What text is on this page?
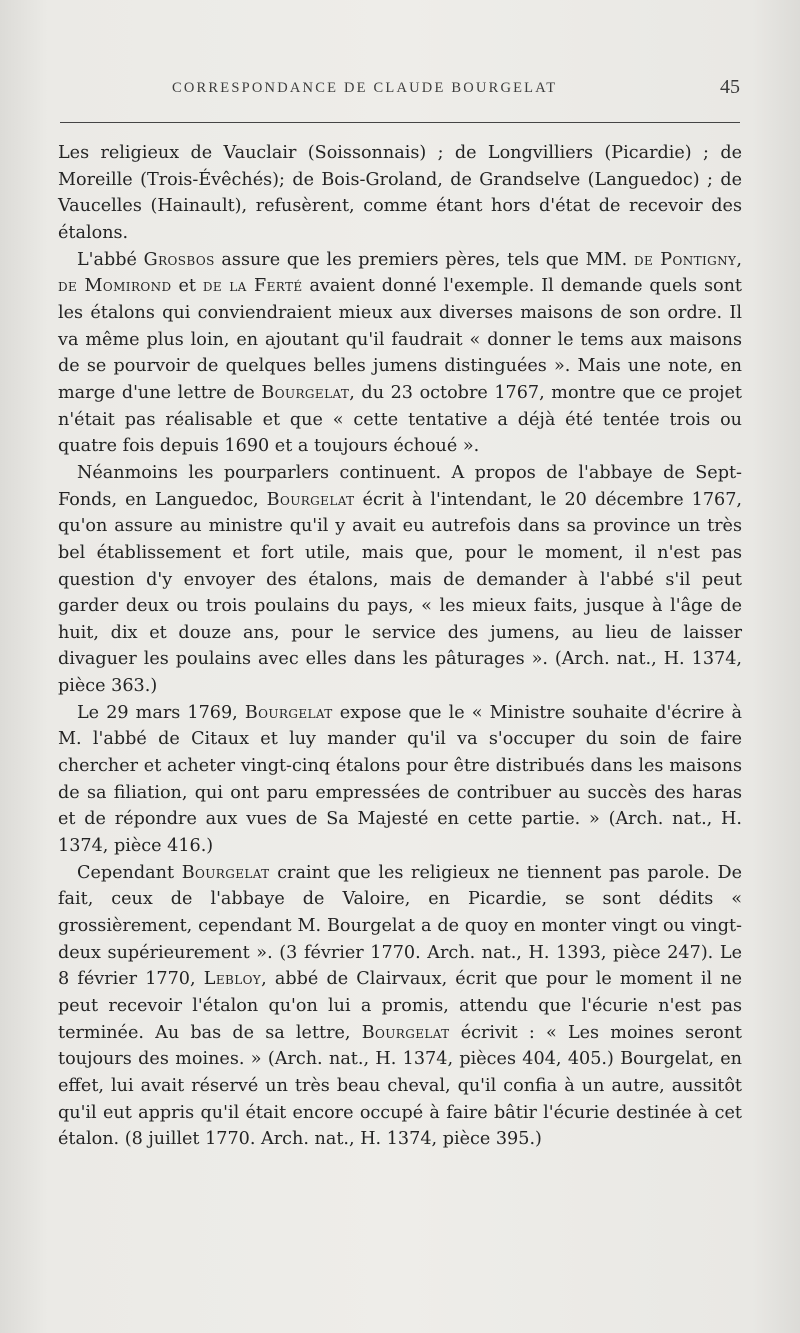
CORRESPONDANCE DE CLAUDE BOURGELAT	45

Les religieux de Vauclair (Soissonnais) ; de Longvilliers (Picardie) ; de Moreille (Trois-Évêchés); de Bois-Groland, de Grandselve (Languedoc) ; de Vaucelles (Hainault), refusèrent, comme étant hors d'état de recevoir des étalons.

L'abbé Grosbos assure que les premiers pères, tels que MM. de Pontigny, de Momirond et de la Ferté avaient donné l'exemple. Il demande quels sont les étalons qui conviendraient mieux aux diverses maisons de son ordre. Il va même plus loin, en ajoutant qu'il faudrait « donner le tems aux maisons de se pourvoir de quelques belles jumens distinguées ». Mais une note, en marge d'une lettre de Bourgelat, du 23 octobre 1767, montre que ce projet n'était pas réalisable et que « cette tentative a déjà été tentée trois ou quatre fois depuis 1690 et a toujours échoué ».

Néanmoins les pourparlers continuent. A propos de l'abbaye de Sept-Fonds, en Languedoc, Bourgelat écrit à l'intendant, le 20 décembre 1767, qu'on assure au ministre qu'il y avait eu autrefois dans sa province un très bel établissement et fort utile, mais que, pour le moment, il n'est pas question d'y envoyer des étalons, mais de demander à l'abbé s'il peut garder deux ou trois poulains du pays, « les mieux faits, jusque à l'âge de huit, dix et douze ans, pour le service des jumens, au lieu de laisser divaguer les poulains avec elles dans les pâturages ». (Arch. nat., H. 1374, pièce 363.)

Le 29 mars 1769, Bourgelat expose que le « Ministre souhaite d'écrire à M. l'abbé de Citaux et luy mander qu'il va s'occuper du soin de faire chercher et acheter vingt-cinq étalons pour être distribués dans les maisons de sa filiation, qui ont paru empressées de contribuer au succès des haras et de répondre aux vues de Sa Majesté en cette partie. » (Arch. nat., H. 1374, pièce 416.)

Cependant Bourgelat craint que les religieux ne tiennent pas parole. De fait, ceux de l'abbaye de Valoire, en Picardie, se sont dédits « grossièrement, cependant M. Bourgelat a de quoy en monter vingt ou vingt-deux supérieurement ». (3 février 1770. Arch. nat., H. 1393, pièce 247). Le 8 février 1770, Lebloy, abbé de Clairvaux, écrit que pour le moment il ne peut recevoir l'étalon qu'on lui a promis, attendu que l'écurie n'est pas terminée. Au bas de sa lettre, Bourgelat écrivit : « Les moines seront toujours des moines. » (Arch. nat., H. 1374, pièces 404, 405.) Bourgelat, en effet, lui avait réservé un très beau cheval, qu'il confia à un autre, aussitôt qu'il eut appris qu'il était encore occupé à faire bâtir l'écurie destinée à cet étalon. (8 juillet 1770. Arch. nat., H. 1374, pièce 395.)
